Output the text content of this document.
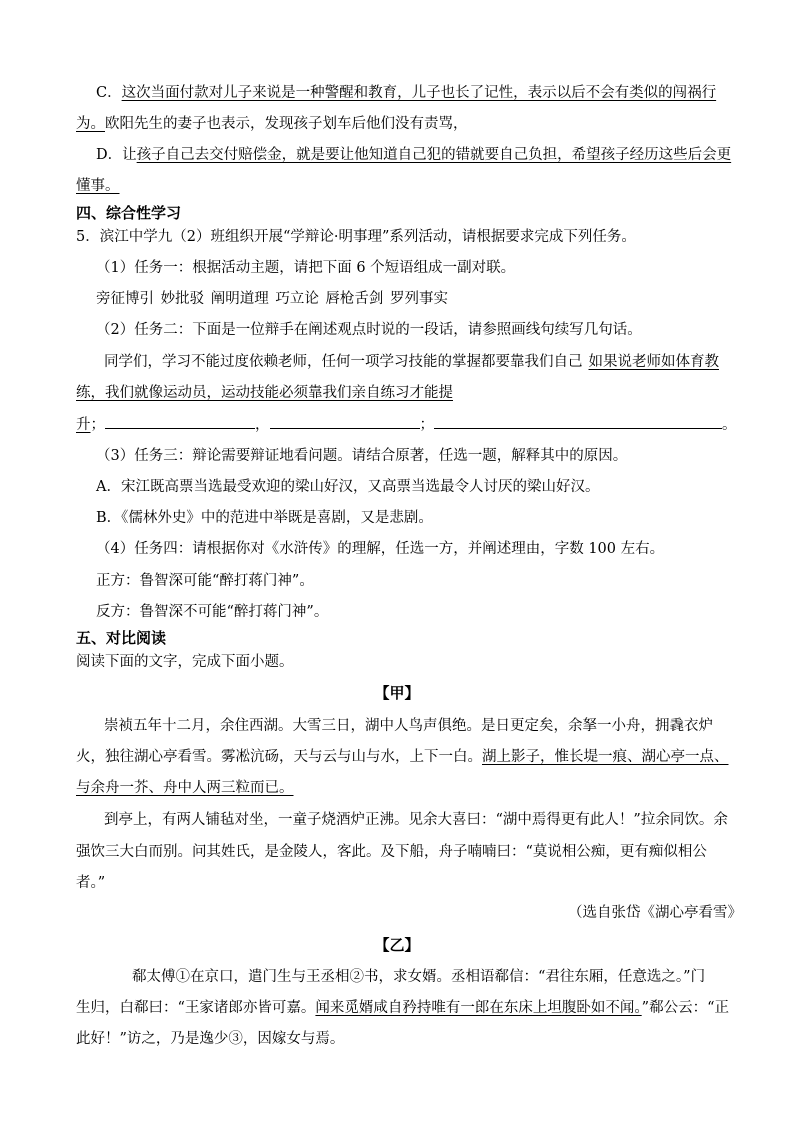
C．这次当面付款对儿子来说是一种警醒和教育，儿子也长了记性，表示以后不会有类似的闯祸行
为。欧阳先生的妻子也表示，发现孩子划车后他们没有责骂，
D．让孩子自己去交付赔偿金，就是要让他知道自己犯的错就要自己负担，希望孩子经历这些后会更
懂事。
四、综合性学习
5．滨江中学九（2）班组织开展“学辩论·明事理”系列活动，请根据要求完成下列任务。
（1）任务一：根据活动主题，请把下面 6 个短语组成一副对联。
旁征博引 妙批驳 阐明道理 巧立论 唇枪舌剑 罗列事实
（2）任务二：下面是一位辩手在阐述观点时说的一段话，请参照画线句续写几句话。
同学们，学习不能过度依赖老师，任何一项学习技能的掌握都要靠我们自己 如果说老师如体育教
练，我们就像运动员，运动技能必须靠我们亲自练习才能提
升；	，	；	。
（3）任务三：辩论需要辩证地看问题。请结合原著，任选一题，解释其中的原因。
A．宋江既高票当选最受欢迎的梁山好汉，又高票当选最令人讨厌的梁山好汉。
B．《儒林外史》中的范进中举既是喜剧，又是悲剧。
（4）任务四：请根据你对《水浒传》的理解，任选一方，并阐述理由，字数 100 左右。
正方：鲁智深可能“醉打蒋门神”。
反方：鲁智深不可能“醉打蒋门神”。
五、对比阅读
阅读下面的文字，完成下面小题。
【甲】
崇祯五年十二月，余住西湖。大雪三日，湖中人鸟声俱绝。是日更定矣，余拏一小舟，拥毳衣炉
火，独往湖心亭看雪。雾凇沆砀，天与云与山与水，上下一白。湖上影子，惟长堤一痕、湖心亭一点、
与余舟一芥、舟中人两三粒而已。
到亭上，有两人铺毡对坐，一童子烧酒炉正沸。见余大喜曰：“湖中焉得更有此人！”拉余同饮。余
强饮三大白而别。问其姓氏，是金陵人，客此。及下船，舟子喃喃曰：“莫说相公痴，更有痴似相公
者。”
（选自张岱《湖心亭看雪》
【乙】
郗太傅①在京口，遣门生与王丞相②书，求女婿。丞相语郗信：“君往东厢，任意选之。”门
生归，白郗曰：“王家诸郎亦皆可嘉。闻来觅婿咸自矜持唯有一郎在东床上坦腹卧如不闻。”郗公云：“正
此好！”访之，乃是逸少③，因嫁女与焉。
